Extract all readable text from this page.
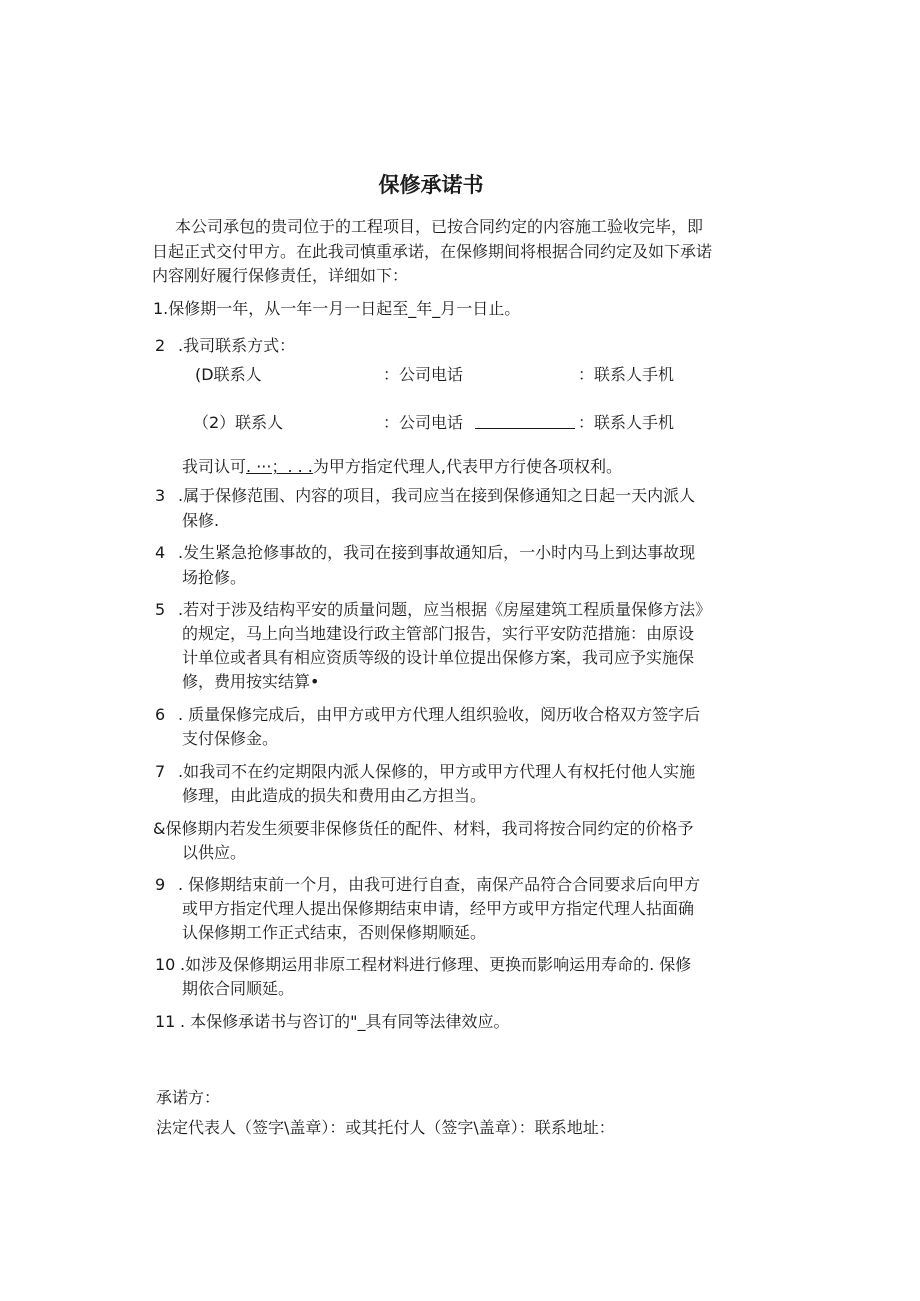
保修承诺书
本公司承包的贵司位于的工程项目，已按合同约定的内容施工验收完毕，即
日起正式交付甲方。在此我司慎重承诺，在保修期间将根据合同约定及如下承诺
内容刚好履行保修责任，详细如下：
1.保修期一年，从一年一月一日起至_年_月一日止。
2 .我司联系方式：
(D联系人	：公司电话	：联系人手机
（2）联系人	：公司电话	：联系人手机
我司认可. ···；. . .为甲方指定代理人,代表甲方行使各项权利。
3 .属于保修范围、内容的项目，我司应当在接到保修通知之日起一天内派人
保修.
4 .发生紧急抢修事故的，我司在接到事故通知后，一小时内马上到达事故现
场抢修。
5 .若对于涉及结构平安的质量问题，应当根据《房屋建筑工程质量保修方法》
的规定，马上向当地建设行政主管部门报告，实行平安防范措施：由原设
计单位或者具有相应资质等级的设计单位提出保修方案，我司应予实施保
修，费用按实结算•
6 . 质量保修完成后，由甲方或甲方代理人组织验收，阅历收合格双方签字后
支付保修金。
7 .如我司不在约定期限内派人保修的，甲方或甲方代理人有权托付他人实施
修理，由此造成的损失和费用由乙方担当。
&保修期内若发生须要非保修货任的配件、材料，我司将按合同约定的价格予
以供应。
9 . 保修期结束前一个月，由我可进行自查，南保产品符合合同要求后向甲方
或甲方指定代理人提出保修期结束申请，经甲方或甲方指定代理人拈面确
认保修期工作正式结束，否则保修期顺延。
10 .如涉及保修期运用非原工程材料进行修理、更换而影响运用寿命的. 保修
期依合同顺延。
11 . 本保修承诺书与咨订的"_具有同等法律效应。
承诺方：
法定代表人（签字\盖章）：或其托付人（签字\盖章）：联系地址：
